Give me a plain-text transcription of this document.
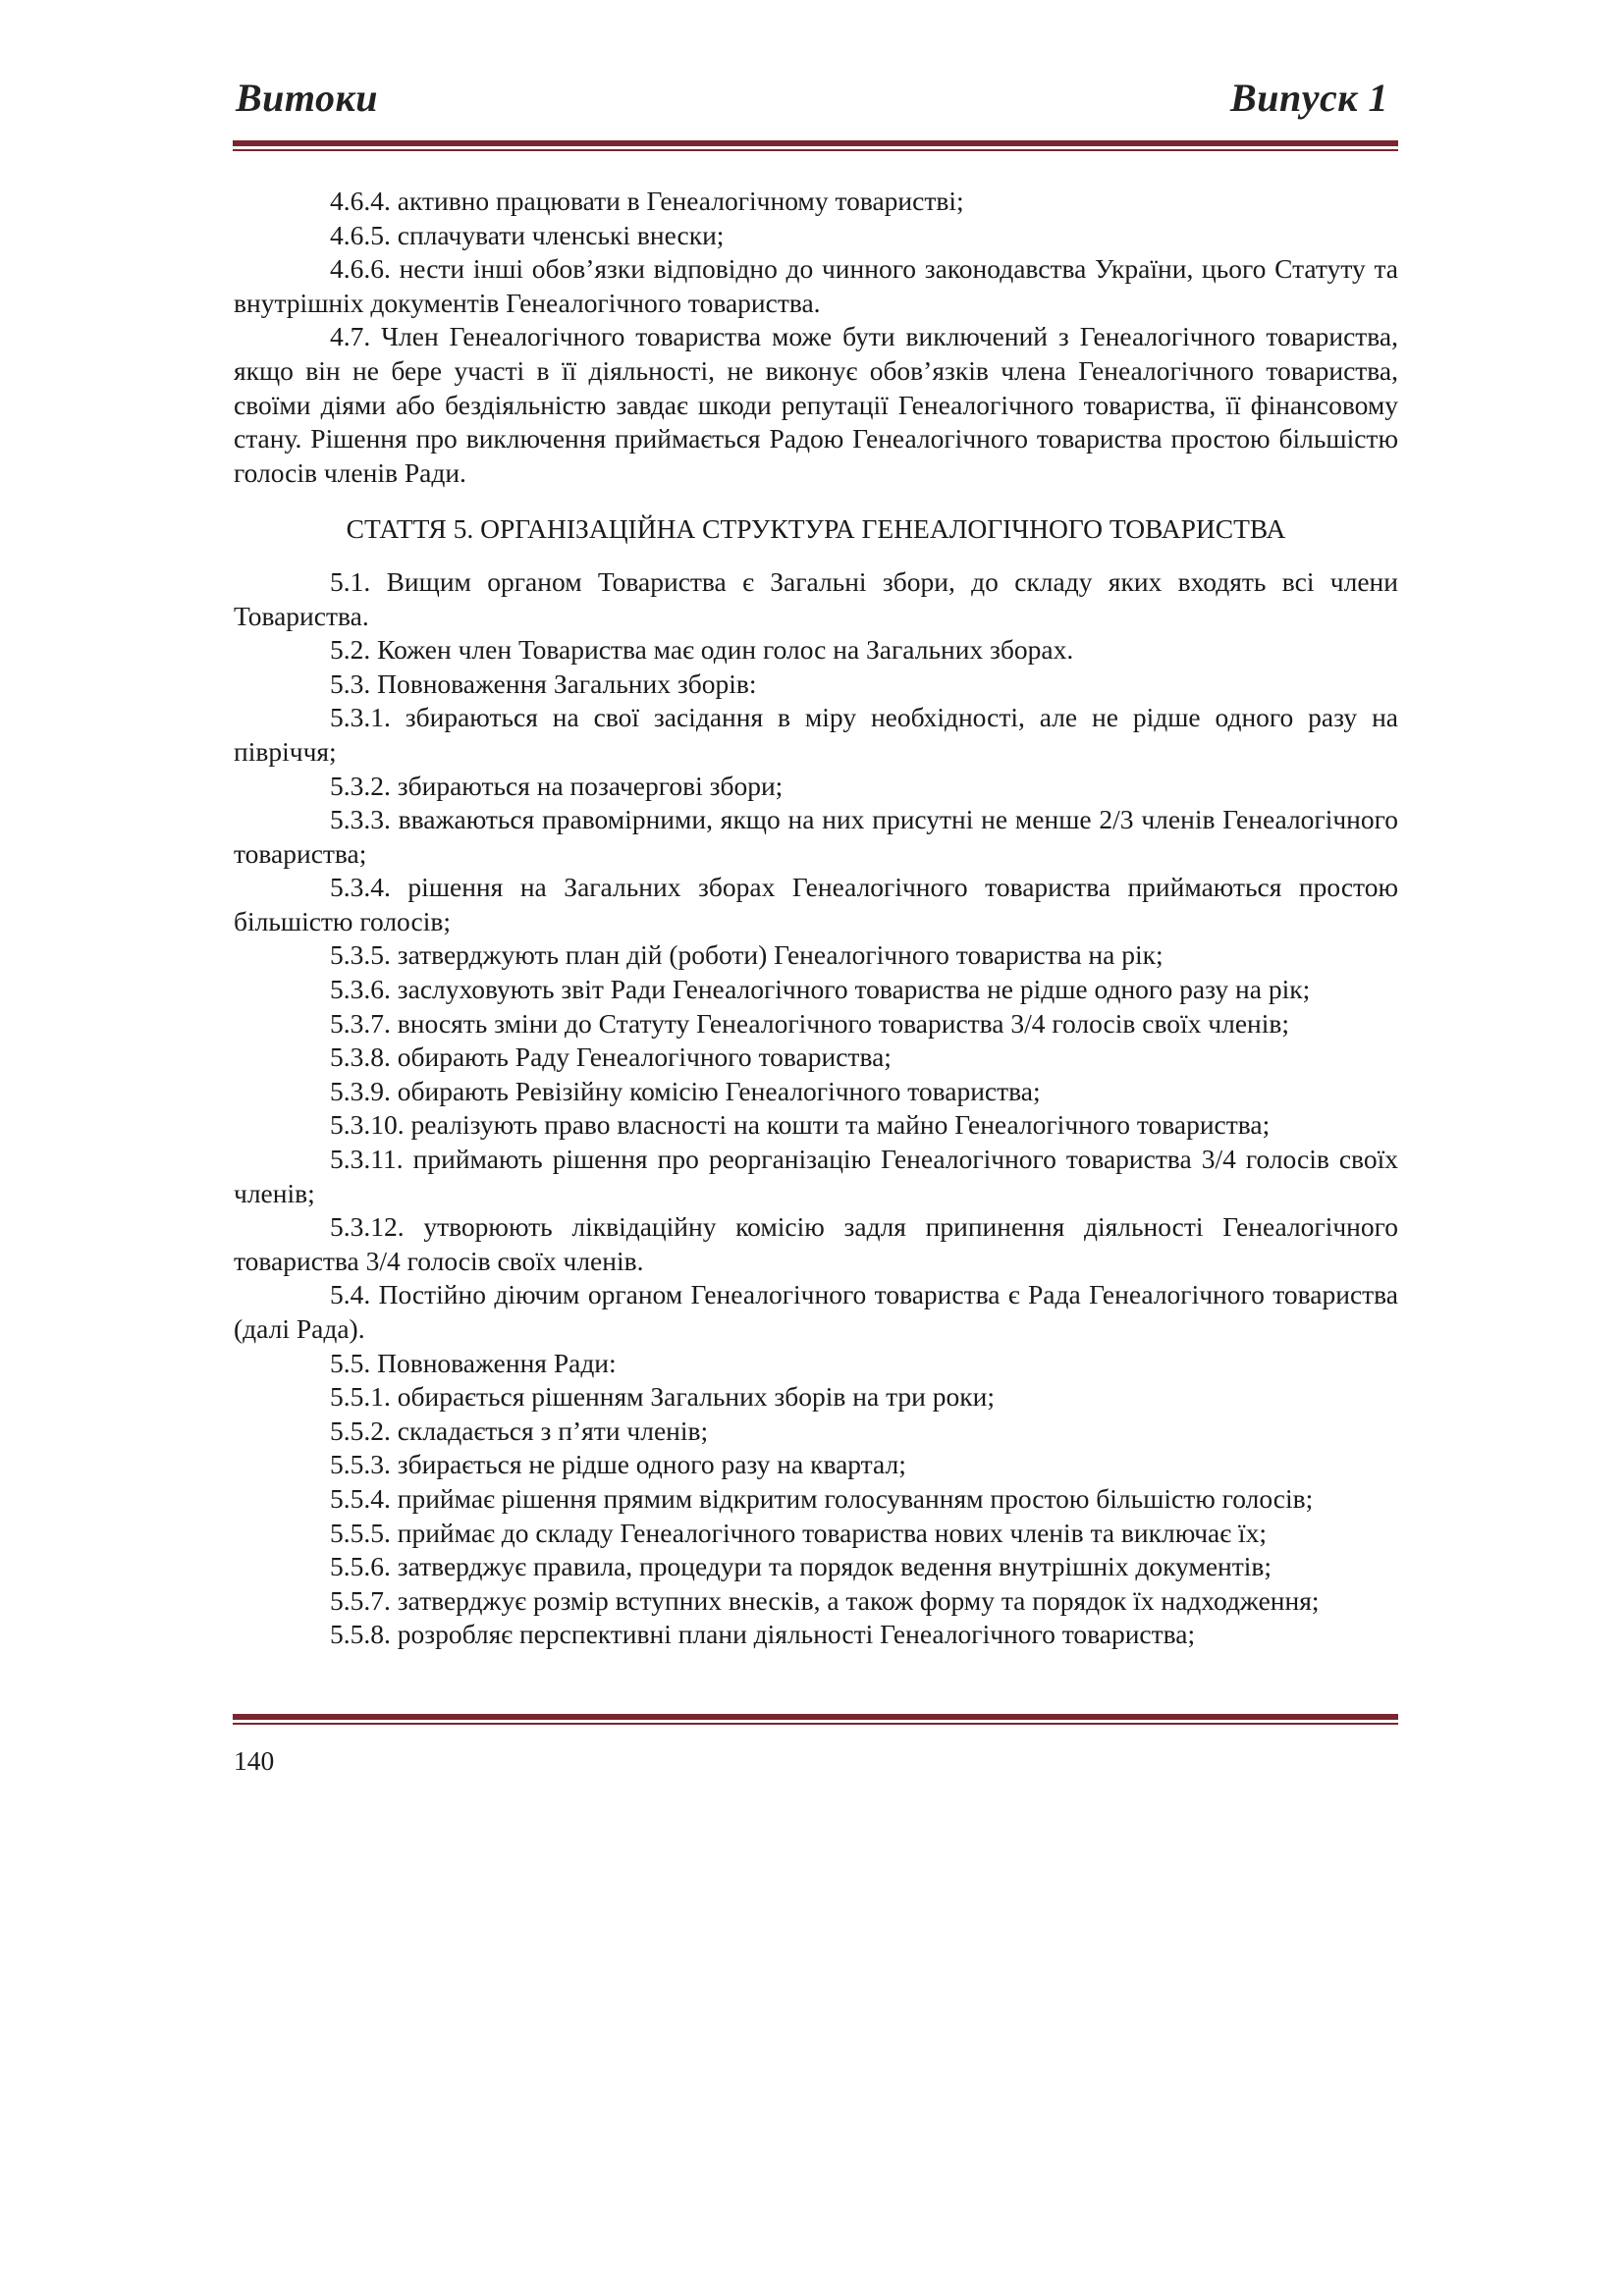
Витоки	Випуск 1

4.6.4. активно працювати в Генеалогічному товаристві;

4.6.5. сплачувати членські внески;

4.6.6. нести інші обов’язки відповідно до чинного законодавства України, цього Статуту та внутрішніх документів Генеалогічного товариства.

4.7. Член Генеалогічного товариства може бути виключений з Генеалогічного товариства, якщо він не бере участі в її діяльності, не виконує обов’язків члена Генеалогічного товариства, своїми діями або бездіяльністю завдає шкоди репутації Генеалогічного товариства, її фінансовому стану. Рішення про виключення приймається Радою Генеалогічного товариства простою більшістю голосів членів Ради.

СТАТТЯ 5. ОРГАНІЗАЦІЙНА СТРУКТУРА ГЕНЕАЛОГІЧНОГО ТОВАРИСТВА

5.1. Вищим органом Товариства є Загальні збори, до складу яких входять всі члени Товариства.

5.2. Кожен член Товариства має один голос на Загальних зборах.

5.3. Повноваження Загальних зборів:

5.3.1. збираються на свої засідання в міру необхідності, але не рідше одного разу на півріччя;

5.3.2. збираються на позачергові збори;

5.3.3. вважаються правомірними, якщо на них присутні не менше 2/3 членів Генеалогічного товариства;

5.3.4. рішення на Загальних зборах Генеалогічного товариства приймаються простою більшістю голосів;

5.3.5. затверджують план дій (роботи) Генеалогічного товариства на рік;

5.3.6. заслуховують звіт Ради Генеалогічного товариства не рідше одного разу на рік;

5.3.7. вносять зміни до Статуту Генеалогічного товариства 3/4 голосів своїх членів;

5.3.8. обирають Раду Генеалогічного товариства;

5.3.9. обирають Ревізійну комісію Генеалогічного товариства;

5.3.10. реалізують право власності на кошти та майно Генеалогічного товариства;

5.3.11. приймають рішення про реорганізацію Генеалогічного товариства 3/4 голосів своїх членів;

5.3.12. утворюють ліквідаційну комісію задля припинення діяльності Генеалогічного товариства 3/4 голосів своїх членів.

5.4. Постійно діючим органом Генеалогічного товариства є Рада Генеалогічного товариства (далі Рада).

5.5. Повноваження Ради:

5.5.1. обирається рішенням Загальних зборів на три роки;

5.5.2. складається з п’яти членів;

5.5.3. збирається не рідше одного разу на квартал;

5.5.4. приймає рішення прямим відкритим голосуванням простою більшістю голосів;

5.5.5. приймає до складу Генеалогічного товариства нових членів та виключає їх;

5.5.6. затверджує правила, процедури та порядок ведення внутрішніх документів;

5.5.7. затверджує розмір вступних внесків, а також форму та порядок їх надходження;

5.5.8. розробляє перспективні плани діяльності Генеалогічного товариства;

140
